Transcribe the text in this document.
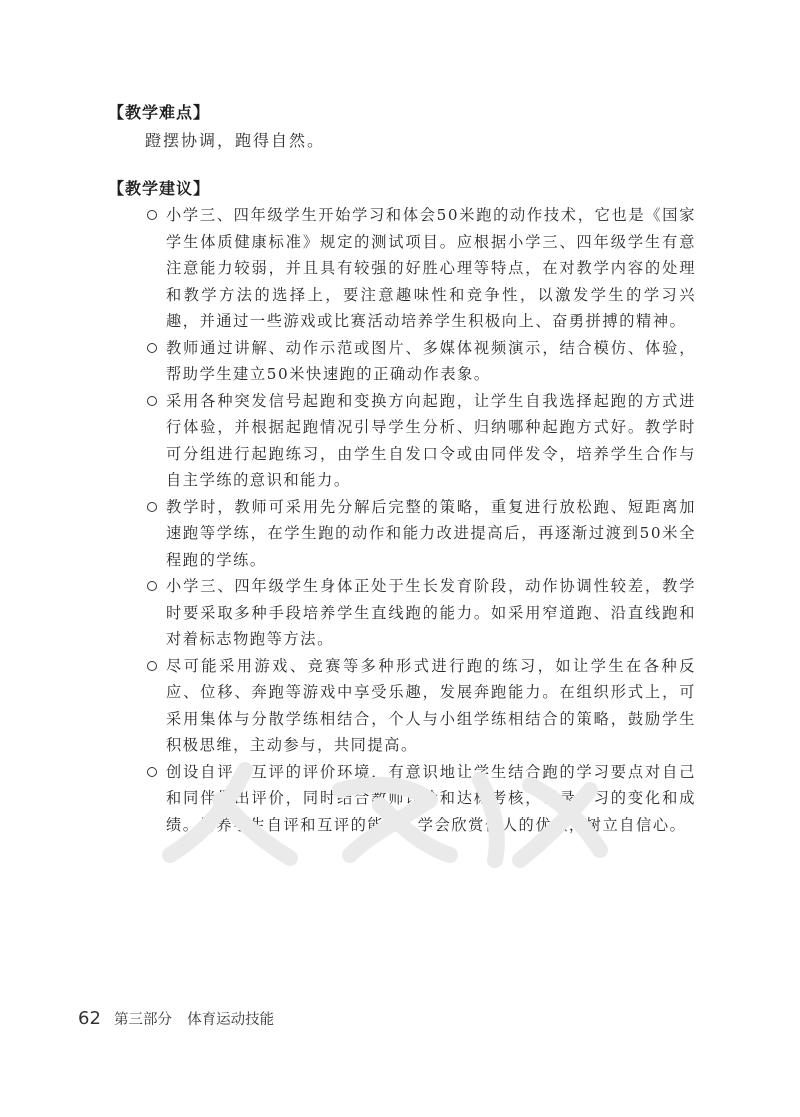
【教学难点】
蹬摆协调，跑得自然。
【教学建议】
小学三、四年级学生开始学习和体会50米跑的动作技术，它也是《国家学生体质健康标准》规定的测试项目。应根据小学三、四年级学生有意注意能力较弱，并且具有较强的好胜心理等特点，在对教学内容的处理和教学方法的选择上，要注意趣味性和竞争性，以激发学生的学习兴趣，并通过一些游戏或比赛活动培养学生积极向上、奋勇拼搏的精神。
教师通过讲解、动作示范或图片、多媒体视频演示，结合模仿、体验，帮助学生建立50米快速跑的正确动作表象。
采用各种突发信号起跑和变换方向起跑，让学生自我选择起跑的方式进行体验，并根据起跑情况引导学生分析、归纳哪种起跑方式好。教学时可分组进行起跑练习，由学生自发口令或由同伴发令，培养学生合作与自主学练的意识和能力。
教学时，教师可采用先分解后完整的策略，重复进行放松跑、短距离加速跑等学练，在学生跑的动作和能力改进提高后，再逐渐过渡到50米全程跑的学练。
小学三、四年级学生身体正处于生长发育阶段，动作协调性较差，教学时要采取多种手段培养学生直线跑的能力。如采用窄道跑、沿直线跑和对着标志物跑等方法。
尽可能采用游戏、竞赛等多种形式进行跑的练习，如让学生在各种反应、位移、奔跑等游戏中享受乐趣，发展奔跑能力。在组织形式上，可采用集体与分散学练相结合，个人与小组学练相结合的策略，鼓励学生积极思维，主动参与，共同提高。
创设自评、互评的评价环境，有意识地让学生结合跑的学习要点对自己和同伴做出评价，同时结合教师评价和达标考核，记录学习的变化和成绩。培养学生自评和互评的能力，学会欣赏他人的优点，树立自信心。
62 第三部分 体育运动技能
